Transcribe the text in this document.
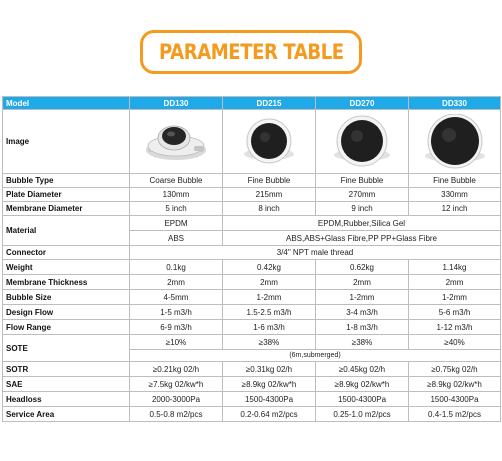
PARAMETER TABLE
Model	DD130	DD215	DD270	DD330
Image	

Bubble Type	Coarse Bubble	Fine Bubble	Fine Bubble	Fine Bubble
Plate Diameter	130mm	215mm	270mm	330mm
Membrane Diameter	5 inch	8 inch	9 inch	12 inch
Material	EPDM	EPDM,Rubber,Silica Gel		
	ABS	ABS,ABS+Glass Fibre,PP PP+Glass Fibre		
Connector	3/4" NPT male thread			
Weight	0.1kg	0.42kg	0.62kg	1.14kg
Membrane Thickness	2mm	2mm	2mm	2mm
Bubble Size	4-5mm	1-2mm	1-2mm	1-2mm
Design Flow	1-5 m3/h	1.5-2.5 m3/h	3-4 m3/h	5-6 m3/h
Flow Range	6-9 m3/h	1-6 m3/h	1-8 m3/h	1-12 m3/h
SOTE	≥10%	≥38%	≥38%	≥40%
	(6m,submerged)			
SOTR	≥0.21kg 02/h	≥0.31kg 02/h	≥0.45kg 02/h	≥0.75kg 02/h
SAE	≥7.5kg 02/kw*h	≥8.9kg 02/kw*h	≥8.9kg 02/kw*h	≥8.9kg 02/kw*h
Headloss	2000-3000Pa	1500-4300Pa	1500-4300Pa	1500-4300Pa
Service Area	0.5-0.8 m2/pcs	0.2-0.64 m2/pcs	0.25-1.0 m2/pcs	0.4-1.5 m2/pcs
